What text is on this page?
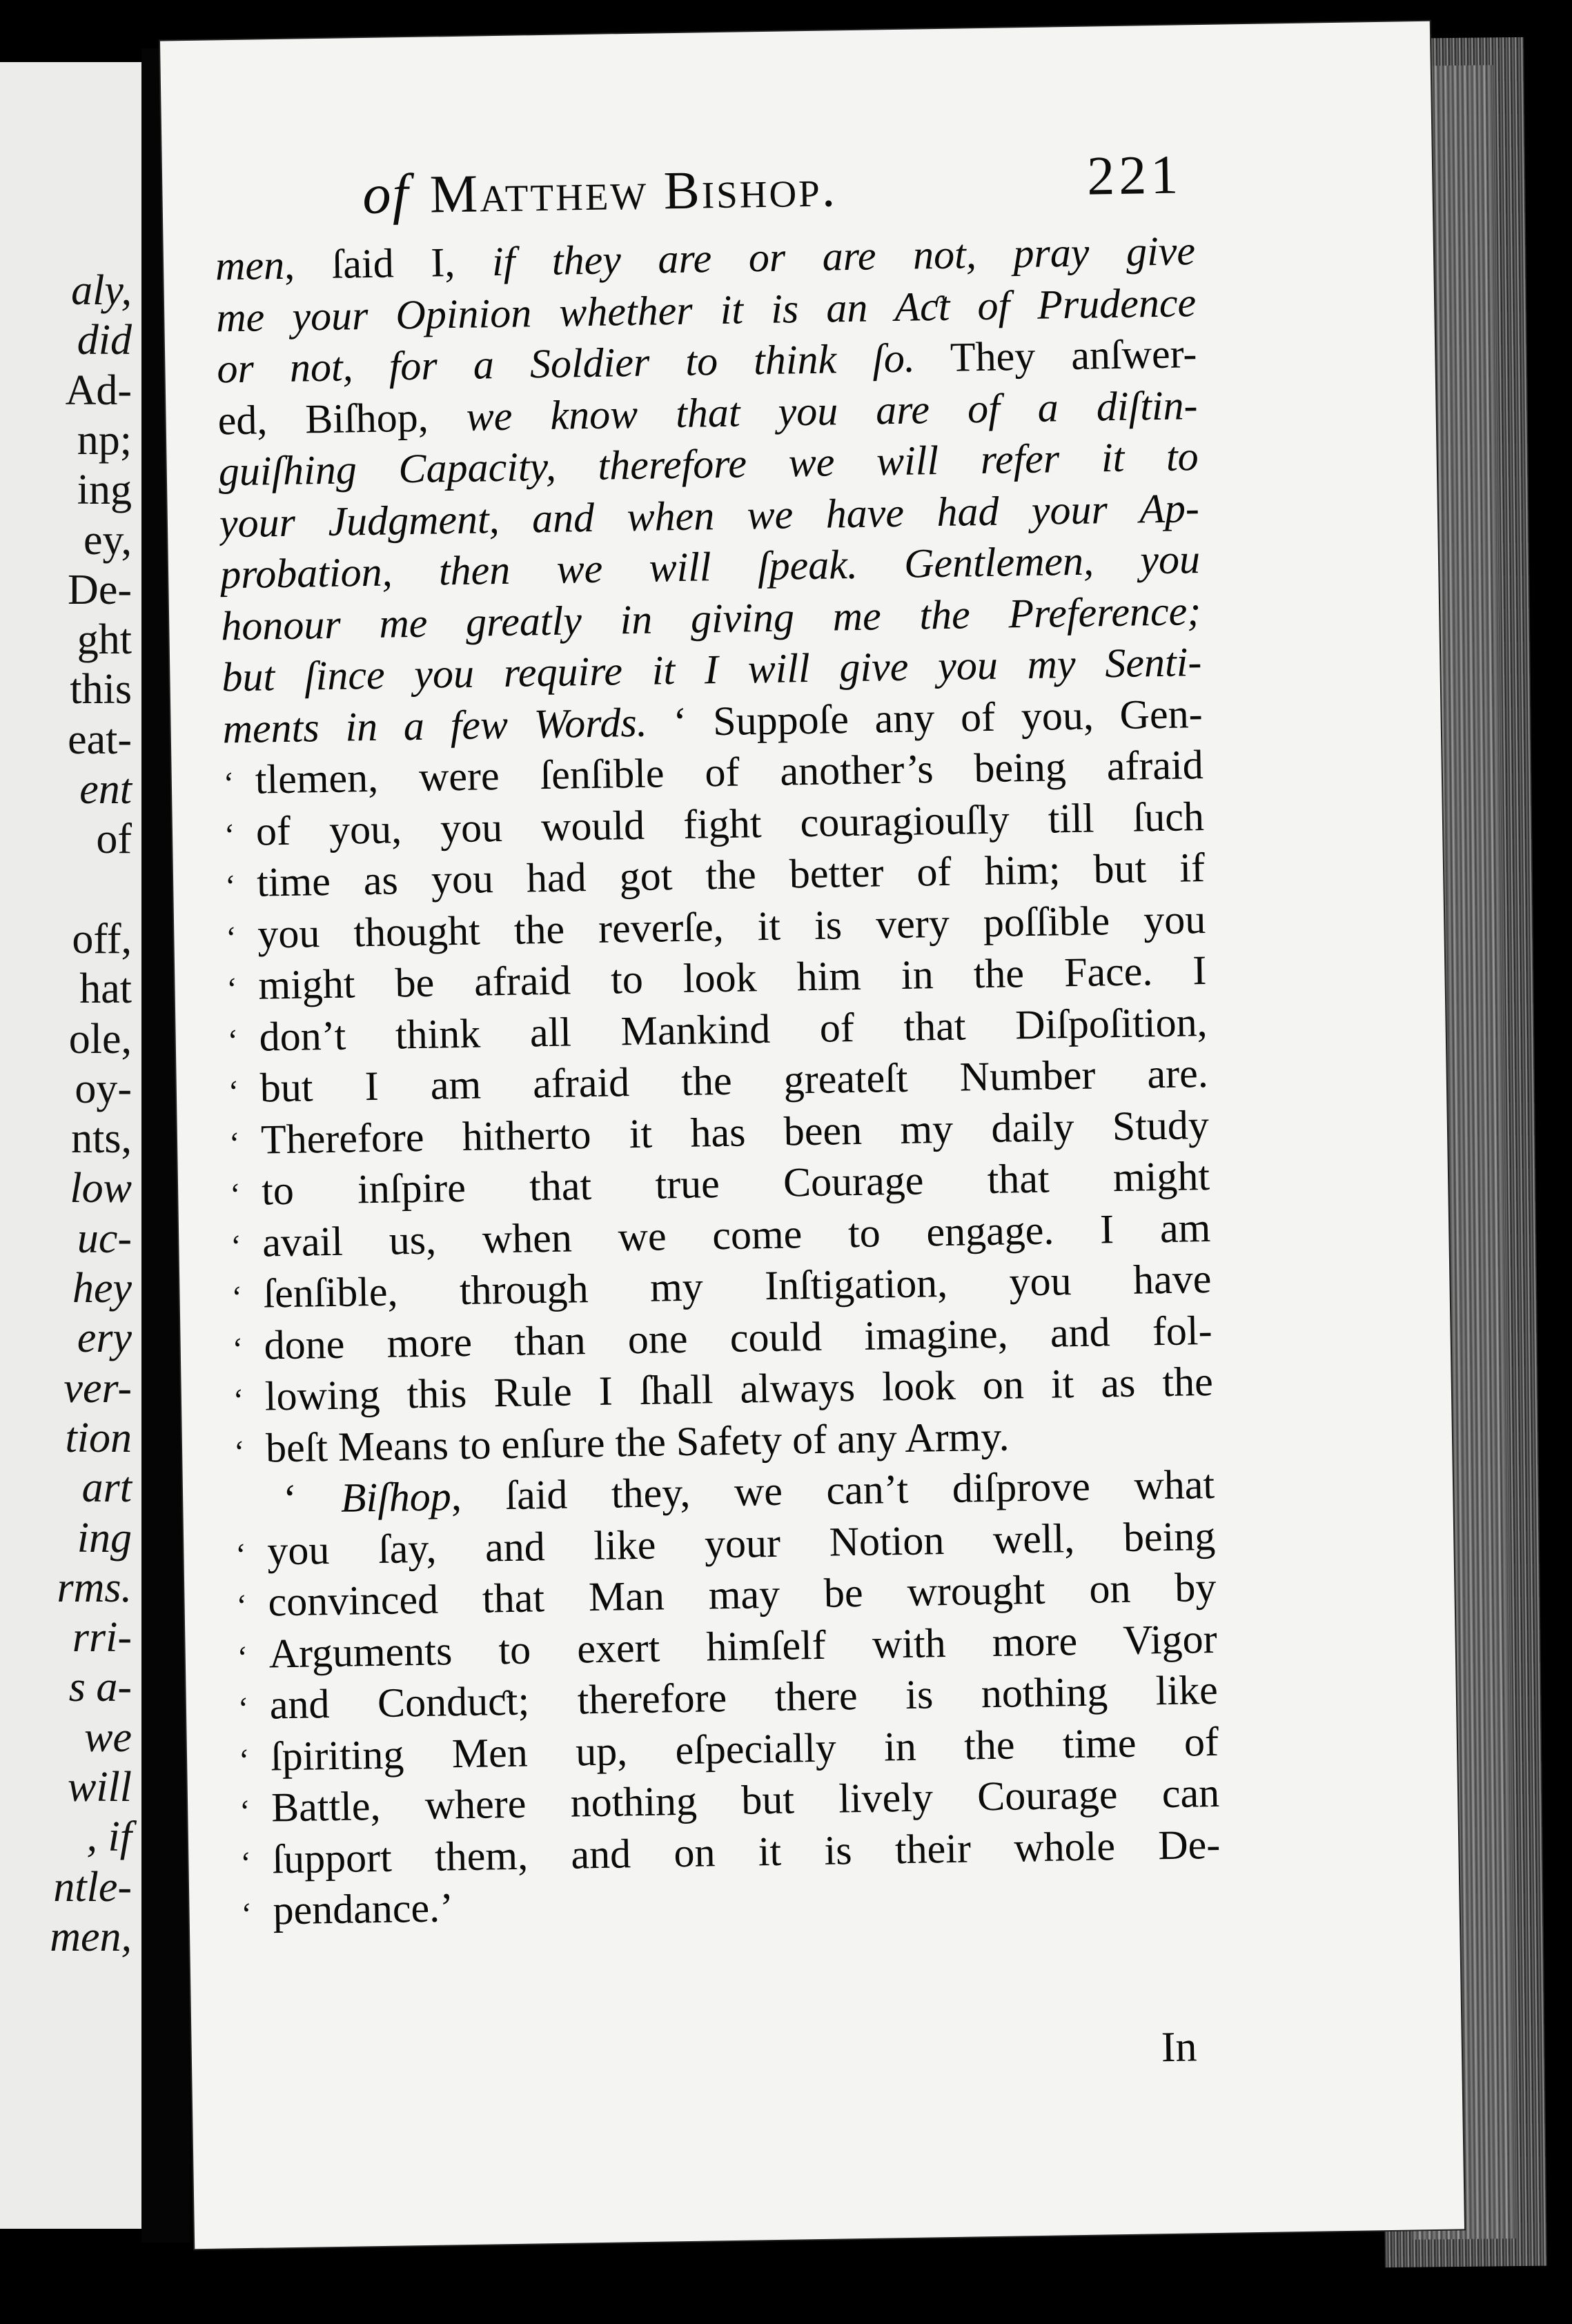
aly,
did
Ad-
np;
ing
ey,
De-
ght
this
eat-
ent
of
off,
hat
ole,
oy-
nts,
low
uc-
hey
ery
ver-
tion
art
ing
rms.
rri-
s a-
we
will
, if
ntle-
men,
of Matthew Bishop.	221
men, ſaid I, if they are or are not, pray give
me your Opinion whether it is an Aƈt of Prudence
or not, for a Soldier to think ſo. They anſwer-
ed, Biſhop, we know that you are of a diſtin-
guiſhing Capacity, therefore we will refer it to
your Judgment, and when we have had your Ap-
probation, then we will ſpeak. Gentlemen, you
honour me greatly in giving me the Preference;
but ſince you require it I will give you my Senti-
ments in a few Words. ‘ Suppoſe any of you, Gen-
‘ tlemen, were ſenſible of another’s being afraid
‘ of you, you would fight couragiouſly till ſuch
‘ time as you had got the better of him; but if
‘ you thought the reverſe, it is very poſſible you
‘ might be afraid to look him in the Face. I
‘ don’t think all Mankind of that Diſpoſition,
‘ but I am afraid the greateſt Number are.
‘ Therefore hitherto it has been my daily Study
‘ to inſpire that true Courage that might
‘ avail us, when we come to engage. I am
‘ ſenſible, through my Inſtigation, you have
‘ done more than one could imagine, and fol-
‘ lowing this Rule I ſhall always look on it as the
‘ beſt Means to enſure the Safety of any Army.
‘ Biſhop, ſaid they, we can’t diſprove what
‘ you ſay, and like your Notion well, being
‘ convinced that Man may be wrought on by
‘ Arguments to exert himſelf with more Vigor
‘ and Conduƈt; therefore there is nothing like
‘ ſpiriting Men up, eſpecially in the time of
‘ Battle, where nothing but lively Courage can
‘ ſupport them, and on it is their whole De-
‘ pendance.’
In
